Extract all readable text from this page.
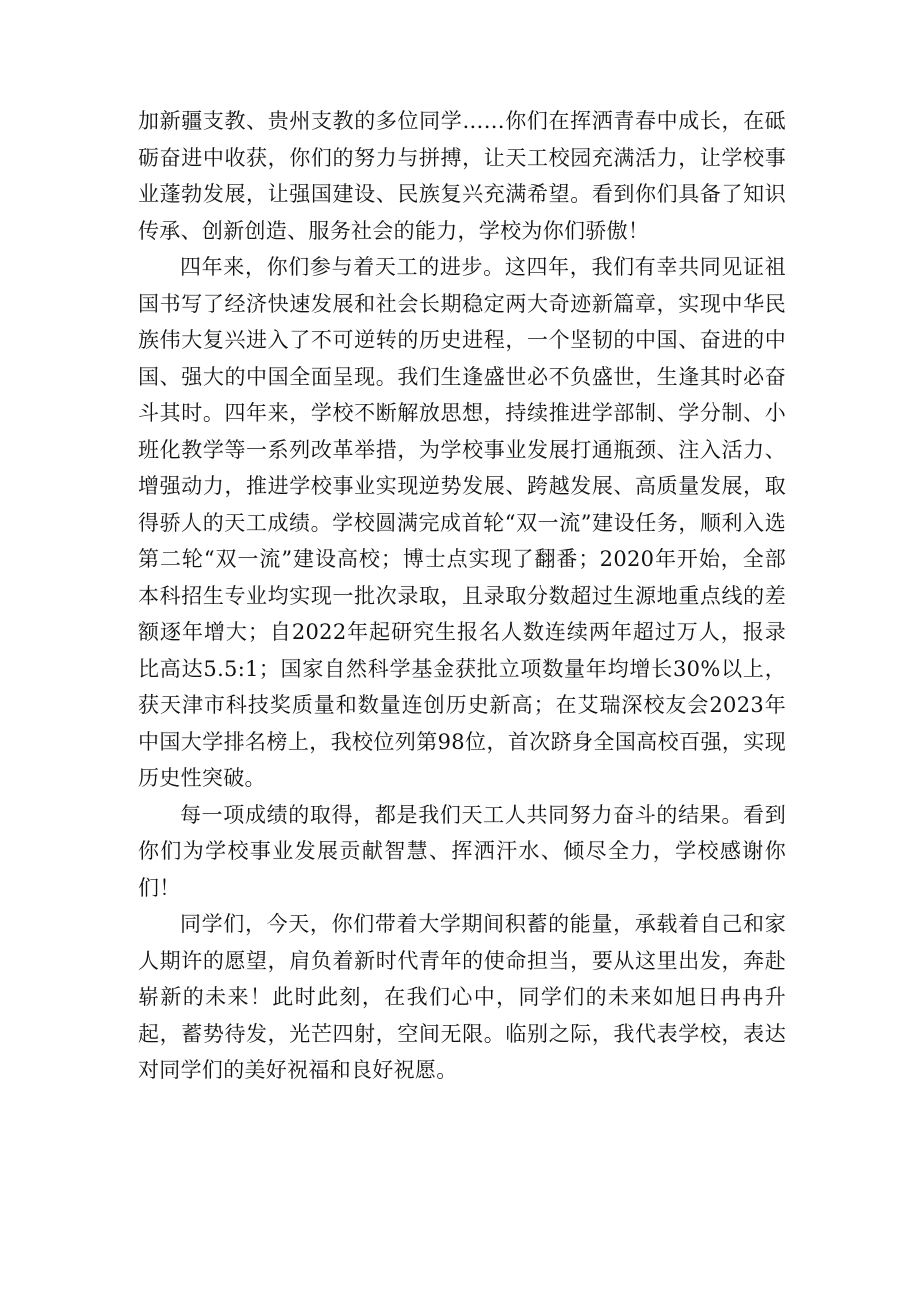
加新疆支教、贵州支教的多位同学……你们在挥洒青春中成长，在砥砺奋进中收获，你们的努力与拼搏，让天工校园充满活力，让学校事业蓬勃发展，让强国建设、民族复兴充满希望。看到你们具备了知识传承、创新创造、服务社会的能力，学校为你们骄傲！

四年来，你们参与着天工的进步。这四年，我们有幸共同见证祖国书写了经济快速发展和社会长期稳定两大奇迹新篇章，实现中华民族伟大复兴进入了不可逆转的历史进程，一个坚韧的中国、奋进的中国、强大的中国全面呈现。我们生逢盛世必不负盛世，生逢其时必奋斗其时。四年来，学校不断解放思想，持续推进学部制、学分制、小班化教学等一系列改革举措，为学校事业发展打通瓶颈、注入活力、增强动力，推进学校事业实现逆势发展、跨越发展、高质量发展，取得骄人的天工成绩。学校圆满完成首轮“双一流”建设任务，顺利入选第二轮“双一流”建设高校；博士点实现了翻番；2020年开始，全部本科招生专业均实现一批次录取，且录取分数超过生源地重点线的差额逐年增大；自2022年起研究生报名人数连续两年超过万人，报录比高达5.5:1；国家自然科学基金获批立项数量年均增长30%以上，获天津市科技奖质量和数量连创历史新高；在艾瑞深校友会2023年中国大学排名榜上，我校位列第98位，首次跻身全国高校百强，实现历史性突破。

每一项成绩的取得，都是我们天工人共同努力奋斗的结果。看到你们为学校事业发展贡献智慧、挥洒汗水、倾尽全力，学校感谢你们！

同学们，今天，你们带着大学期间积蓄的能量，承载着自己和家人期许的愿望，肩负着新时代青年的使命担当，要从这里出发，奔赴崭新的未来！此时此刻，在我们心中，同学们的未来如旭日冉冉升起，蓄势待发，光芒四射，空间无限。临别之际，我代表学校，表达对同学们的美好祝福和良好祝愿。
